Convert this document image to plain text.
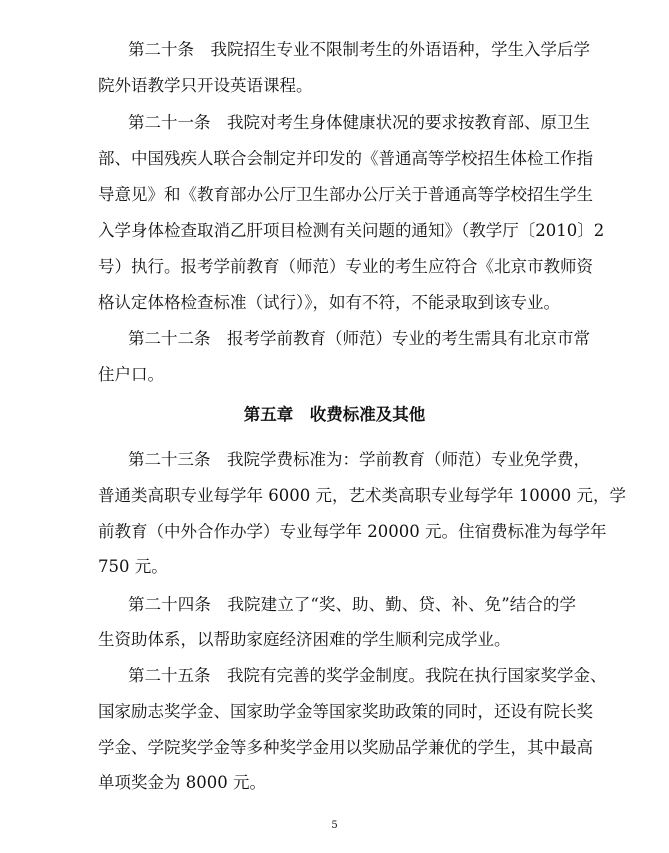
第二十条　我院招生专业不限制考生的外语语种，学生入学后学
院外语教学只开设英语课程。
第二十一条　我院对考生身体健康状况的要求按教育部、原卫生
部、中国残疾人联合会制定并印发的《普通高等学校招生体检工作指
导意见》和《教育部办公厅卫生部办公厅关于普通高等学校招生学生
入学身体检查取消乙肝项目检测有关问题的通知》（教学厅〔2010〕2
号）执行。报考学前教育（师范）专业的考生应符合《北京市教师资
格认定体格检查标准（试行）》，如有不符，不能录取到该专业。
第二十二条　报考学前教育（师范）专业的考生需具有北京市常
住户口。
第五章　收费标准及其他
第二十三条　我院学费标准为：学前教育（师范）专业免学费，
普通类高职专业每学年 6000 元，艺术类高职专业每学年 10000 元，学
前教育（中外合作办学）专业每学年 20000 元。住宿费标准为每学年
750 元。
第二十四条　我院建立了“奖、助、勤、贷、补、免”结合的学
生资助体系，以帮助家庭经济困难的学生顺利完成学业。
第二十五条　我院有完善的奖学金制度。我院在执行国家奖学金、
国家励志奖学金、国家助学金等国家奖助政策的同时，还设有院长奖
学金、学院奖学金等多种奖学金用以奖励品学兼优的学生，其中最高
单项奖金为 8000 元。
5
